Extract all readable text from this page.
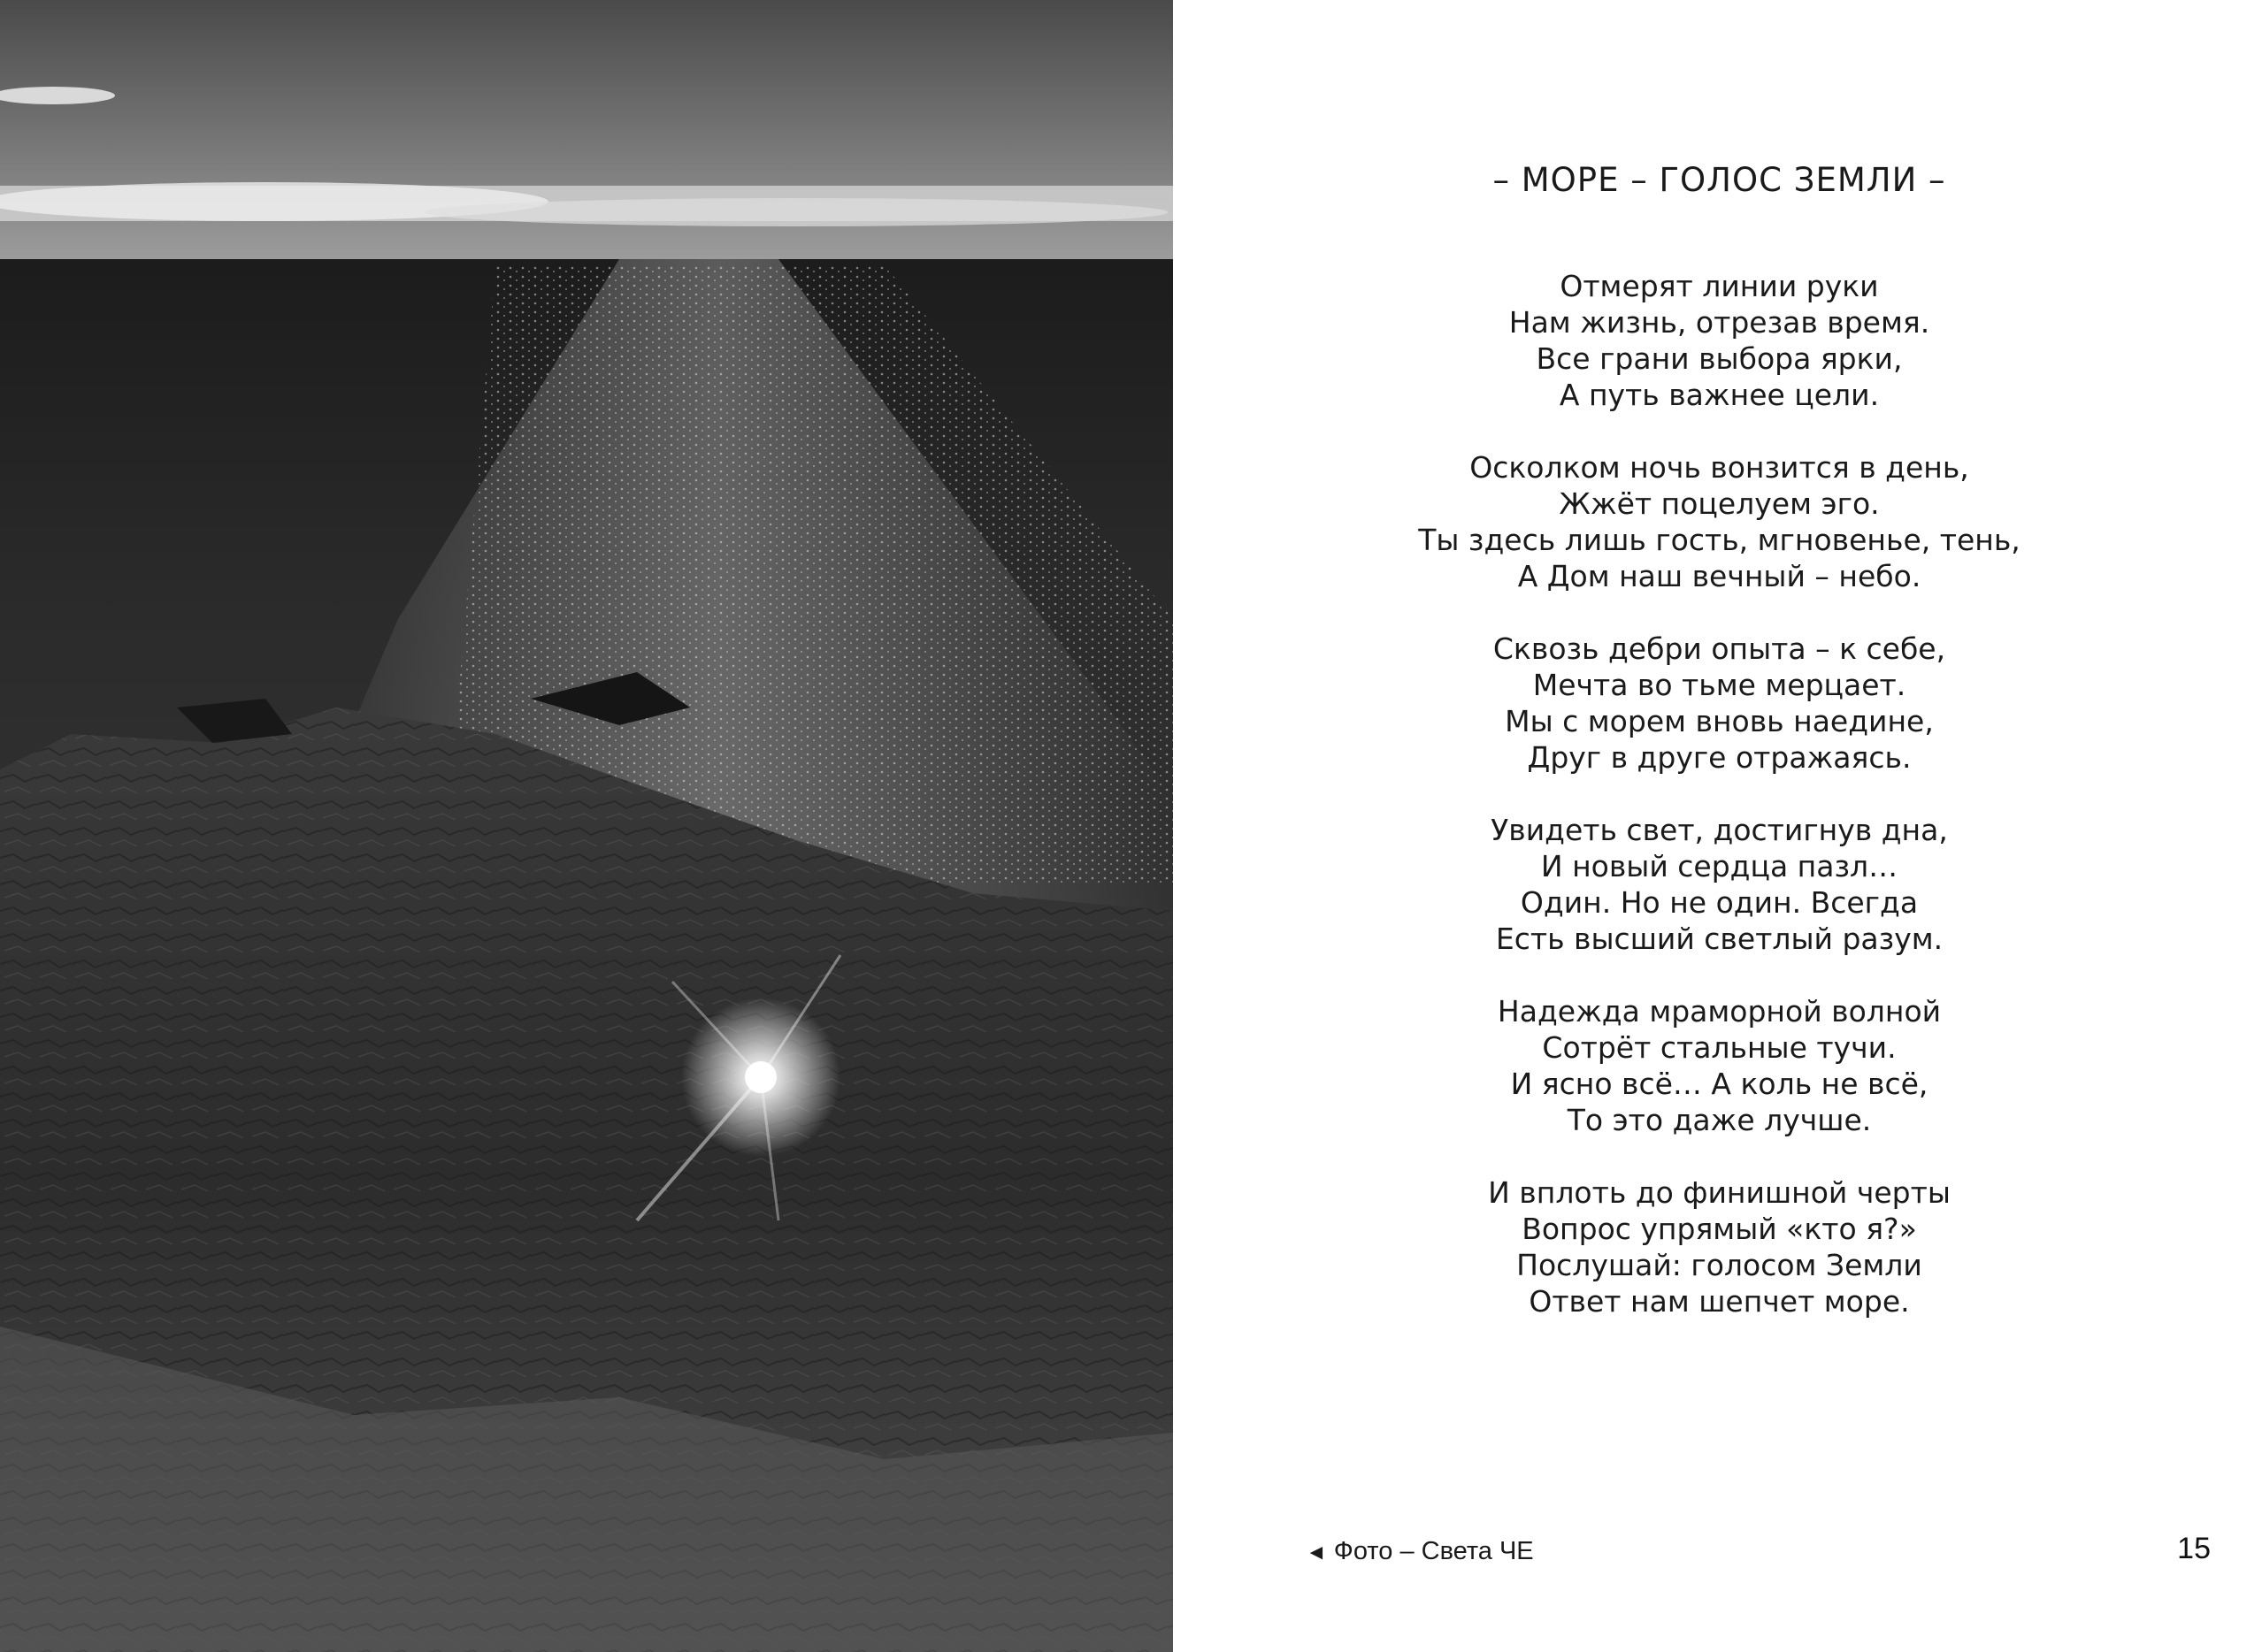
– МОРЕ – ГОЛОС ЗЕМЛИ –
Отмерят линии руки
Нам жизнь, отрезав время.
Все грани выбора ярки,
А путь важнее цели.
Осколком ночь вонзится в день,
Жжёт поцелуем эго.
Ты здесь лишь гость, мгновенье, тень,
А Дом наш вечный – небо.
Сквозь дебри опыта – к себе,
Мечта во тьме мерцает.
Мы с морем вновь наедине,
Друг в друге отражаясь.
Увидеть свет, достигнув дна,
И новый сердца пазл…
Один. Но не один. Всегда
Есть высший светлый разум.
Надежда мраморной волной
Сотрёт стальные тучи.
И ясно всё… А коль не всё,
То это даже лучше.
И вплоть до финишной черты
Вопрос упрямый «кто я?»
Послушай: голосом Земли
Ответ нам шепчет море.
◄ Фото – Света ЧЕ	15
